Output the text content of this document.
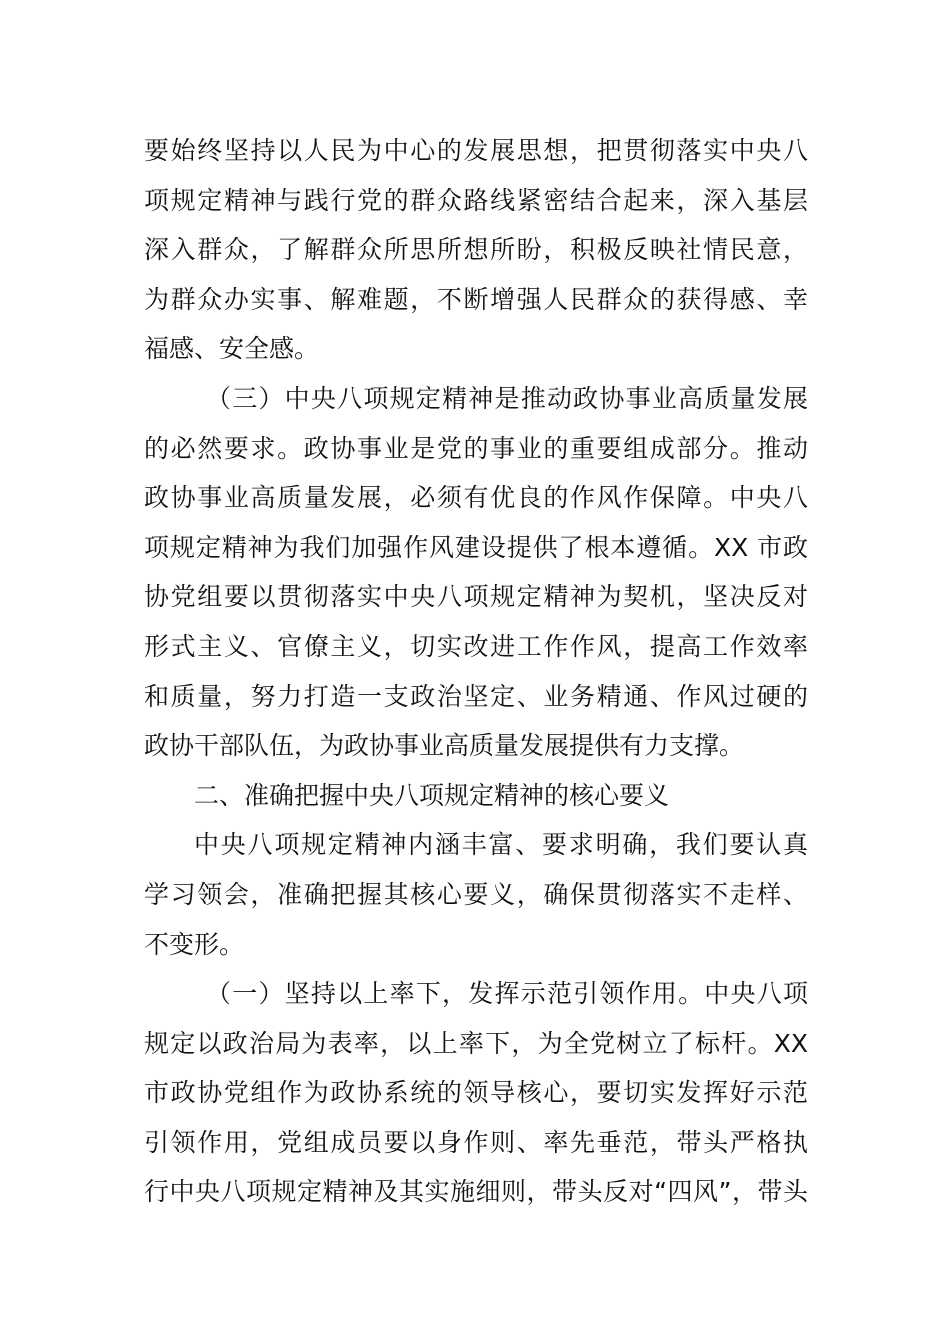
要始终坚持以人民为中心的发展思想，把贯彻落实中央八
项规定精神与践行党的群众路线紧密结合起来，深入基层
深入群众，了解群众所思所想所盼，积极反映社情民意，
为群众办实事、解难题，不断增强人民群众的获得感、幸
福感、安全感。
（三）中央八项规定精神是推动政协事业高质量发展
的必然要求。政协事业是党的事业的重要组成部分。推动
政协事业高质量发展，必须有优良的作风作保障。中央八
项规定精神为我们加强作风建设提供了根本遵循。XX 市政
协党组要以贯彻落实中央八项规定精神为契机，坚决反对
形式主义、官僚主义，切实改进工作作风，提高工作效率
和质量，努力打造一支政治坚定、业务精通、作风过硬的
政协干部队伍，为政协事业高质量发展提供有力支撑。
二、准确把握中央八项规定精神的核心要义
中央八项规定精神内涵丰富、要求明确，我们要认真
学习领会，准确把握其核心要义，确保贯彻落实不走样、
不变形。
（一）坚持以上率下，发挥示范引领作用。中央八项
规定以政治局为表率，以上率下，为全党树立了标杆。XX
市政协党组作为政协系统的领导核心，要切实发挥好示范
引领作用，党组成员要以身作则、率先垂范，带头严格执
行中央八项规定精神及其实施细则，带头反对“四风”，带头
